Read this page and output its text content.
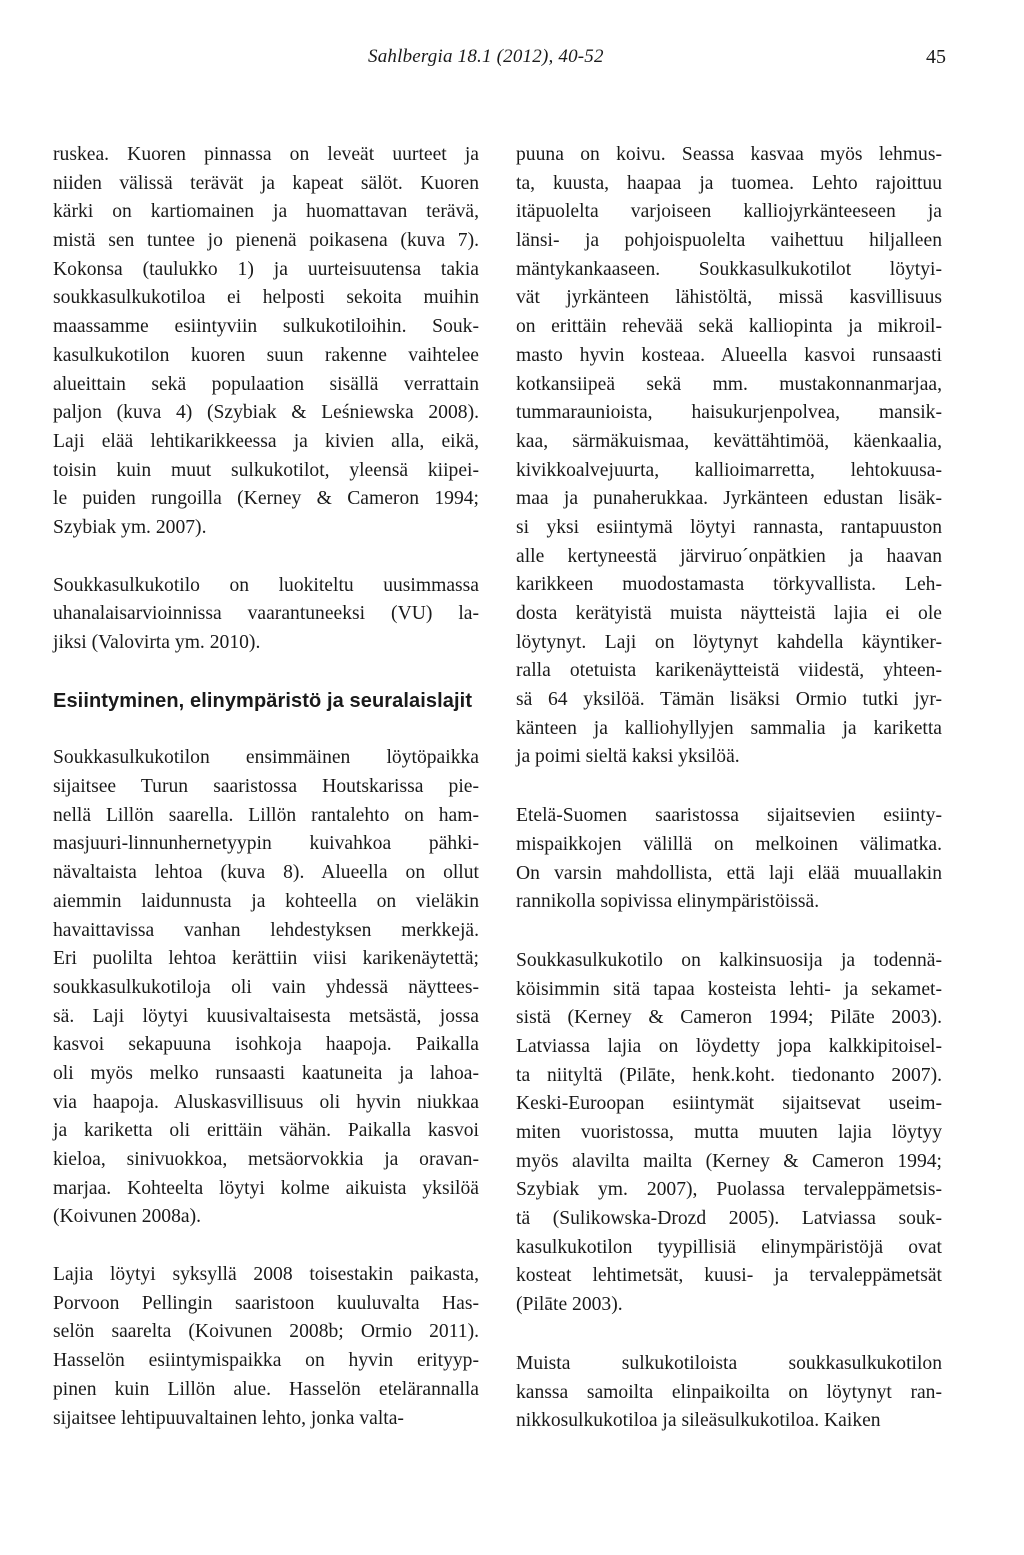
Sahlbergia 18.1 (2012), 40-52	45

ruskea. Kuoren pinnassa on leveät uurteet ja
niiden välissä terävät ja kapeat sälöt. Kuoren
kärki on kartiomainen ja huomattavan terävä,
mistä sen tuntee jo pienenä poikasena (kuva 7).
Kokonsa (taulukko 1) ja uurteisuutensa takia
soukkasulkukotiloa ei helposti sekoita muihin
maassamme esiintyviin sulkukotiloihin. Souk-
kasulkukotilon kuoren suun rakenne vaihtelee
alueittain sekä populaation sisällä verrattain
paljon (kuva 4) (Szybiak & Leśniewska 2008).
Laji elää lehtikarikkeessa ja kivien alla, eikä,
toisin kuin muut sulkukotilot, yleensä kiipei-
le puiden rungoilla (Kerney & Cameron 1994;
Szybiak ym. 2007).

Soukkasulkukotilo on luokiteltu uusimmassa
uhanalaisarvioinnissa vaarantuneeksi (VU) la-
jiksi (Valovirta ym. 2010).

Esiintyminen, elinympäristö ja seuralaislajit

Soukkasulkukotilon ensimmäinen löytöpaikka
sijaitsee Turun saaristossa Houtskarissa pie-
nellä Lillön saarella. Lillön rantalehto on ham-
masjuuri-linnunhernetyypin kuivahkoa pähki-
nävaltaista lehtoa (kuva 8). Alueella on ollut
aiemmin laidunnusta ja kohteella on vieläkin
havaittavissa vanhan lehdestyksen merkkejä.
Eri puolilta lehtoa kerättiin viisi karikenäytettä;
soukkasulkukotiloja oli vain yhdessä näyttees-
sä. Laji löytyi kuusivaltaisesta metsästä, jossa
kasvoi sekapuuna isohkoja haapoja. Paikalla
oli myös melko runsaasti kaatuneita ja lahoa-
via haapoja. Aluskasvillisuus oli hyvin niukkaa
ja kariketta oli erittäin vähän. Paikalla kasvoi
kieloa, sinivuokkoa, metsäorvokkia ja oravan-
marjaa. Kohteelta löytyi kolme aikuista yksilöä
(Koivunen 2008a).

Lajia löytyi syksyllä 2008 toisestakin paikasta,
Porvoon Pellingin saaristoon kuuluvalta Has-
selön saarelta (Koivunen 2008b; Ormio 2011).
Hasselön esiintymispaikka on hyvin erityyp-
pinen kuin Lillön alue. Hasselön etelärannalla
sijaitsee lehtipuuvaltainen lehto, jonka valta-

puuna on koivu. Seassa kasvaa myös lehmus-
ta, kuusta, haapaa ja tuomea. Lehto rajoittuu
itäpuolelta varjoiseen kalliojyrkänteeseen ja
länsi- ja pohjoispuolelta vaihettuu hiljalleen
mäntykankaaseen. Soukkasulkukotilot löytyi-
vät jyrkänteen lähistöltä, missä kasvillisuus
on erittäin rehevää sekä kalliopinta ja mikroil-
masto hyvin kosteaa. Alueella kasvoi runsaasti
kotkansiipeä sekä mm. mustakonnanmarjaa,
tummaraunioista, haisukurjenpolvea, mansik-
kaa, särmäkuismaa, kevättähtimöä, käenkaalia,
kivikkoalvejuurta, kallioimarretta, lehtokuusa-
maa ja punaherukkaa. Jyrkänteen edustan lisäk-
si yksi esiintymä löytyi rannasta, rantapuuston
alle kertyneestä järviruo´onpätkien ja haavan
karikkeen muodostamasta törkyvallista. Leh-
dosta kerätyistä muista näytteistä lajia ei ole
löytynyt. Laji on löytynyt kahdella käyntiker-
ralla otetuista karikenäytteistä viidestä, yhteen-
sä 64 yksilöä. Tämän lisäksi Ormio tutki jyr-
känteen ja kalliohyllyjen sammalia ja kariketta
ja poimi sieltä kaksi yksilöä.

Etelä-Suomen saaristossa sijaitsevien esiinty-
mispaikkojen välillä on melkoinen välimatka.
On varsin mahdollista, että laji elää muuallakin
rannikolla sopivissa elinympäristöissä.

Soukkasulkukotilo on kalkinsuosija ja todennä-
köisimmin sitä tapaa kosteista lehti- ja sekamet-
sistä (Kerney & Cameron 1994; Pilāte 2003).
Latviassa lajia on löydetty jopa kalkkipitoisel-
ta niityltä (Pilāte, henk.koht. tiedonanto 2007).
Keski-Euroopan esiintymät sijaitsevat useim-
miten vuoristossa, mutta muuten lajia löytyy
myös alavilta mailta (Kerney & Cameron 1994;
Szybiak ym. 2007), Puolassa tervaleppämetsis-
tä (Sulikowska-Drozd 2005). Latviassa souk-
kasulkukotilon tyypillisiä elinympäristöjä ovat
kosteat lehtimetsät, kuusi- ja tervaleppämetsät
(Pilāte 2003).

Muista sulkukotiloista soukkasulkukotilon
kanssa samoilta elinpaikoilta on löytynyt ran-
nikkosulkukotiloa ja sileäsulkukotiloa. Kaiken
